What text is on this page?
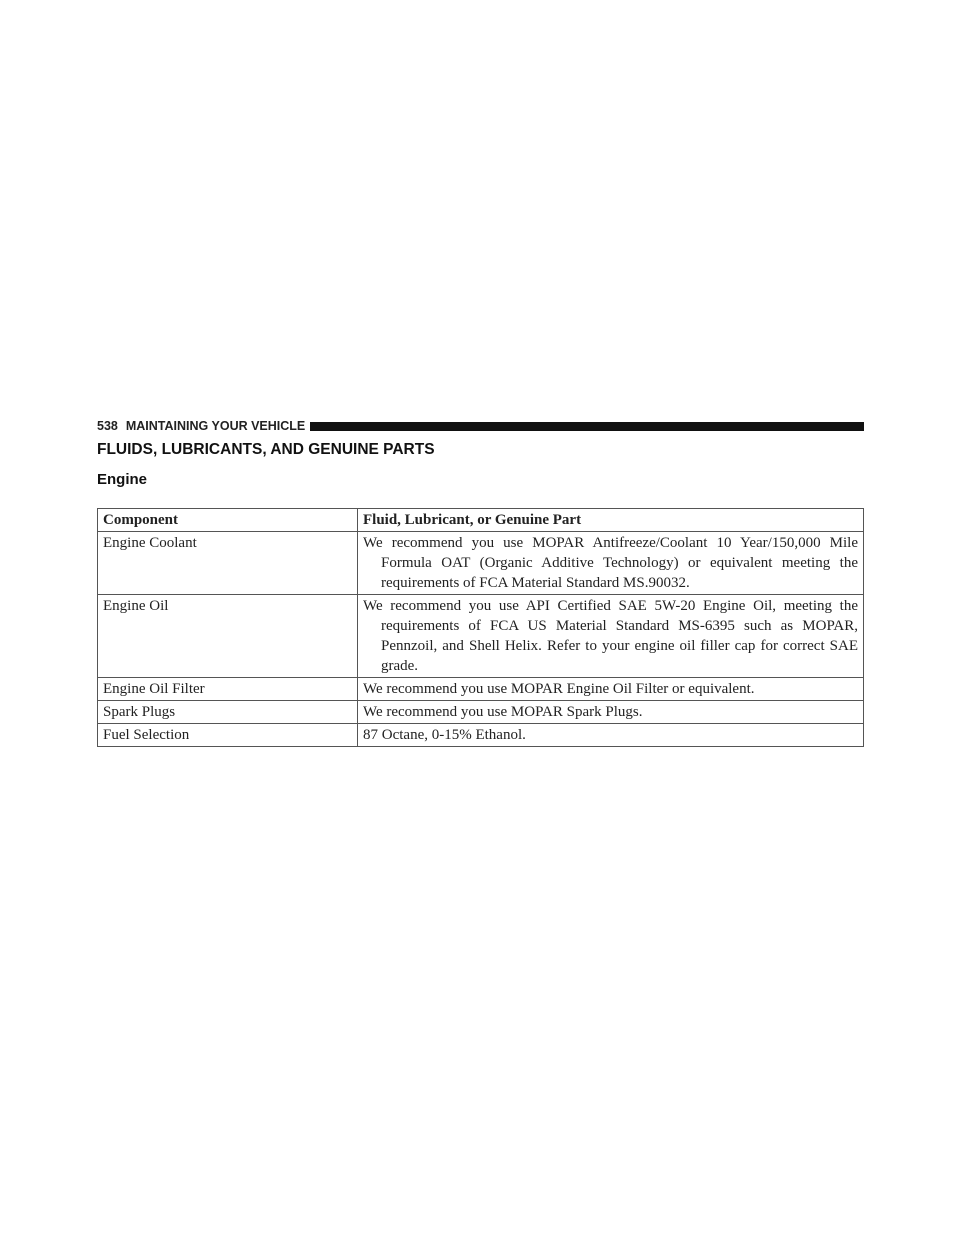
538 MAINTAINING YOUR VEHICLE
FLUIDS, LUBRICANTS, AND GENUINE PARTS
Engine
Component	Fluid, Lubricant, or Genuine Part
Engine Coolant	We recommend you use MOPAR Antifreeze/Coolant 10 Year/150,000 Mile Formula OAT (Organic Additive Technology) or equivalent meeting the requirements of FCA Material Standard MS.90032.

Engine Oil	We recommend you use API Certified SAE 5W-20 Engine Oil, meeting the requirements of FCA US Material Standard MS-6395 such as MOPAR, Pennzoil, and Shell Helix. Refer to your engine oil filler cap for correct SAE grade.

Engine Oil Filter	We recommend you use MOPAR Engine Oil Filter or equivalent.

Spark Plugs	We recommend you use MOPAR Spark Plugs.

Fuel Selection	87 Octane, 0-15% Ethanol.
